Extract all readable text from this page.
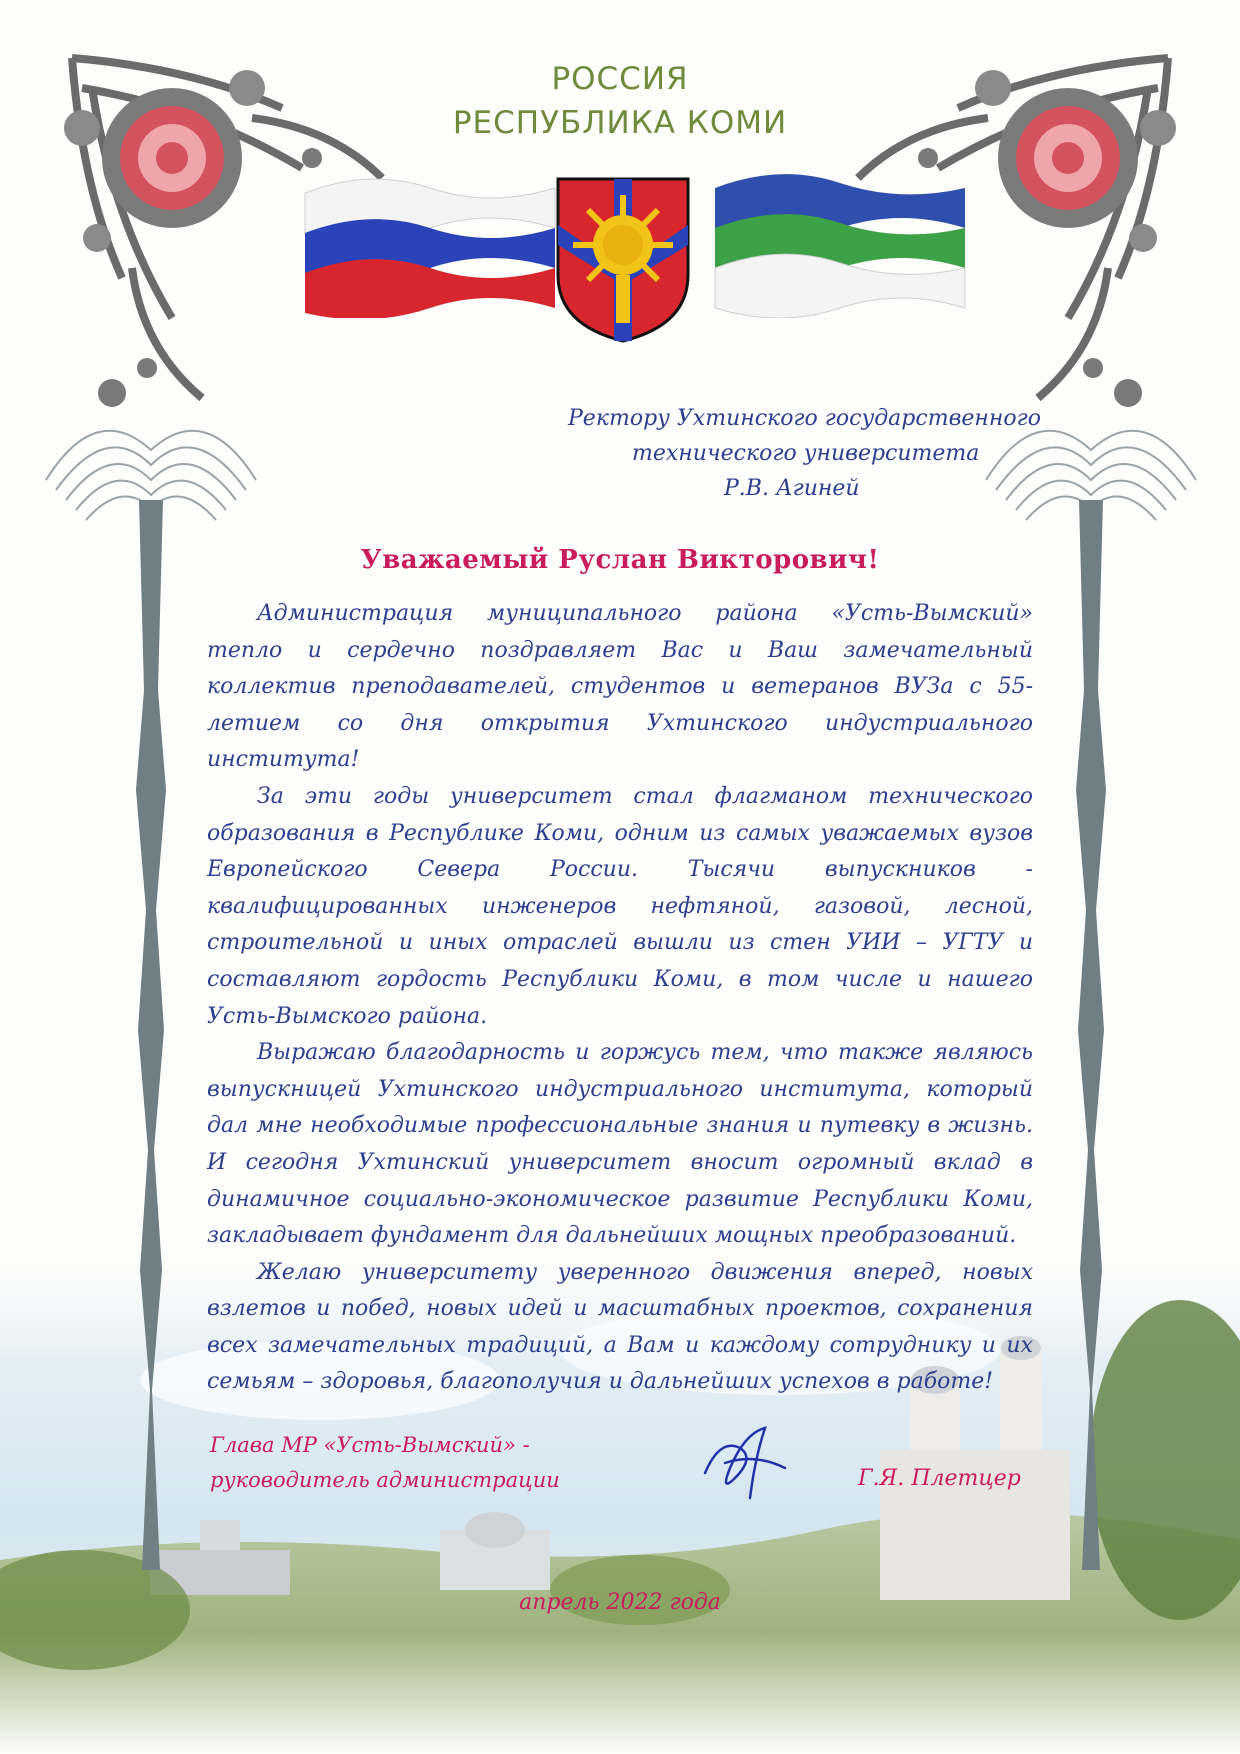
РОССИЯ
РЕСПУБЛИКА КОМИ
Ректору Ухтинского государственного
технического университета
Р.В. Агиней
Уважаемый Руслан Викторович!

Администрация муниципального района «Усть-Вымский» тепло и сердечно поздравляет Вас и Ваш замечательный коллектив преподавателей, студентов и ветеранов ВУЗа с 55-летием со дня открытия Ухтинского индустриального института!

За эти годы университет стал флагманом технического образования в Республике Коми, одним из самых уважаемых вузов Европейского Севера России. Тысячи выпускников - квалифицированных инженеров нефтяной, газовой, лесной, строительной и иных отраслей вышли из стен УИИ – УГТУ и составляют гордость Республики Коми, в том числе и нашего Усть-Вымского района.

Выражаю благодарность и горжусь тем, что также являюсь выпускницей Ухтинского индустриального института, который дал мне необходимые профессиональные знания и путевку в жизнь. И сегодня Ухтинский университет вносит огромный вклад в динамичное социально-экономическое развитие Республики Коми, закладывает фундамент для дальнейших мощных преобразований.

Желаю университету уверенного движения вперед, новых взлетов и побед, новых идей и масштабных проектов, сохранения всех замечательных традиций, а Вам и каждому сотруднику и их семьям – здоровья, благополучия и дальнейших успехов в работе!

Глава МР «Усть-Вымский» -
руководитель администрации	Г.Я. Плетцер
апрель 2022 года
